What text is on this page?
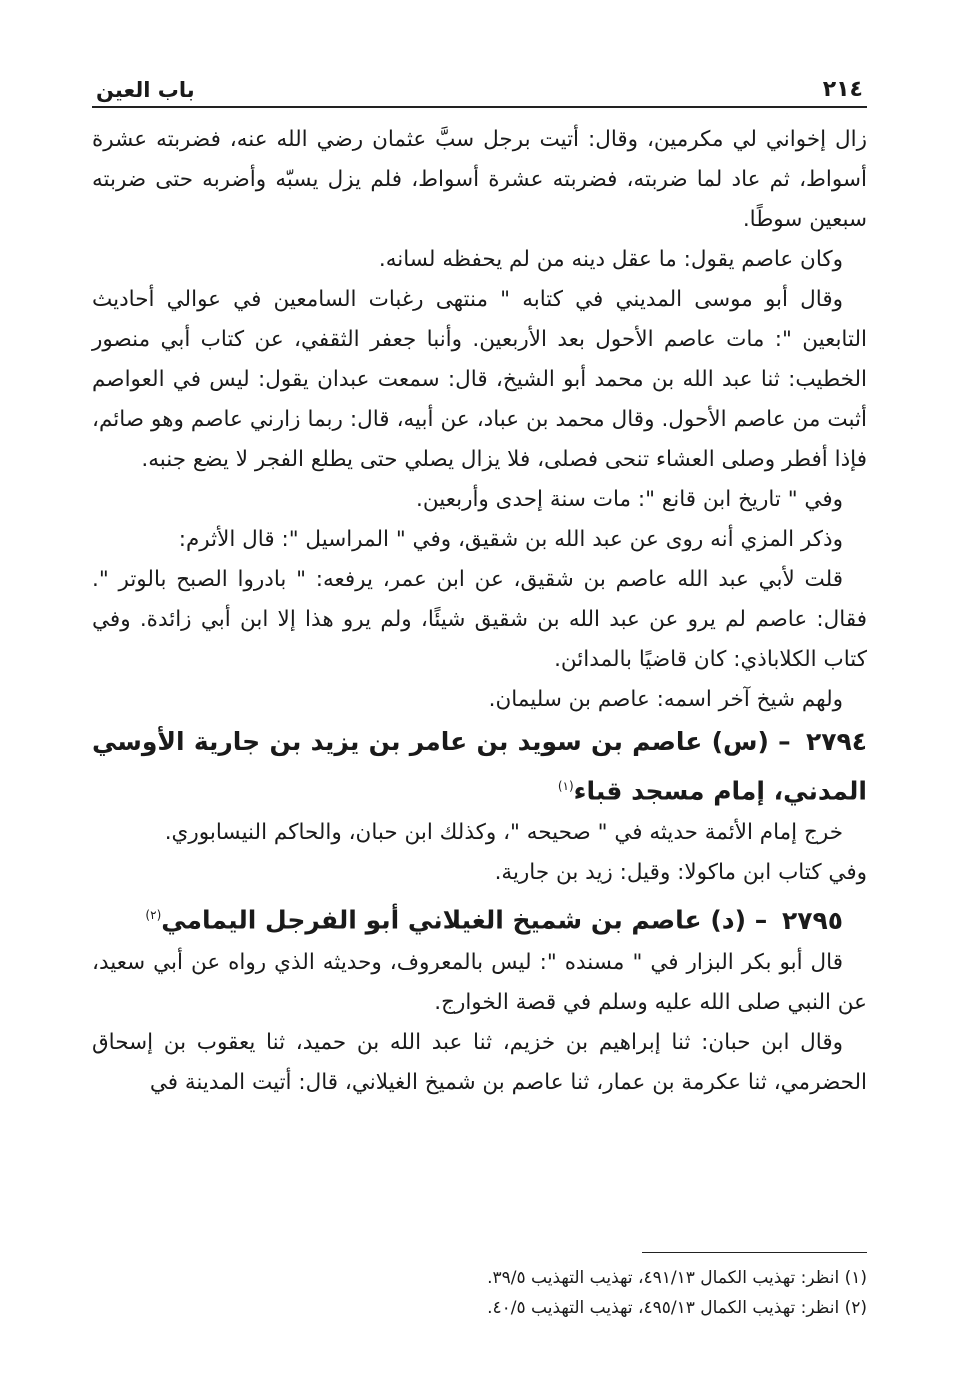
٢١٤
باب العين

زال إخواني لي مكرمين، وقال: أتيت برجل سبَّ عثمان رضي الله عنه، فضربته عشرة أسواط، ثم عاد لما ضربته، فضربته عشرة أسواط، فلم يزل يسبّه وأضربه حتى ضربته سبعين سوطًا.

وكان عاصم يقول: ما عقل دينه من لم يحفظه لسانه.

وقال أبو موسى المديني في كتابه " منتهى رغبات السامعين في عوالي أحاديث التابعين ": مات عاصم الأحول بعد الأربعين. وأنبا جعفر الثقفي، عن كتاب أبي منصور الخطيب: ثنا عبد الله بن محمد أبو الشيخ، قال: سمعت عبدان يقول: ليس في العواصم أثبت من عاصم الأحول. وقال محمد بن عباد، عن أبيه، قال: ربما زارني عاصم وهو صائم، فإذا أفطر وصلى العشاء تنحى فصلى، فلا يزال يصلي حتى يطلع الفجر لا يضع جنبه.

وفي " تاريخ ابن قانع ": مات سنة إحدى وأربعين.

وذكر المزي أنه روى عن عبد الله بن شقيق، وفي " المراسيل ": قال الأثرم:

قلت لأبي عبد الله عاصم بن شقيق، عن ابن عمر، يرفعه: " بادروا الصبح بالوتر ". فقال: عاصم لم يرو عن عبد الله بن شقيق شيئًا، ولم يرو هذا إلا ابن أبي زائدة. وفي كتاب الكلاباذي: كان قاضيًا بالمدائن.

ولهم شيخ آخر اسمه: عاصم بن سليمان.

٢٧٩٤ – (س) عاصم بن سويد بن عامر بن يزيد بن جارية الأوسي المدني، إمام مسجد قباء$^{(١)}$

خرج إمام الأئمة حديثه في " صحيحه "، وكذلك ابن حبان، والحاكم النيسابوري.

وفي كتاب ابن ماكولا: وقيل: زيد بن جارية.

٢٧٩٥ – (د) عاصم بن شميخ الغيلاني أبو الفرجل اليمامي$^{(٢)}$

قال أبو بكر البزار في " مسنده ": ليس بالمعروف، وحديثه الذي رواه عن أبي سعيد، عن النبي صلى الله عليه وسلم في قصة الخوارج.

وقال ابن حبان: ثنا إبراهيم بن خزيم، ثنا عبد الله بن حميد، ثنا يعقوب بن إسحاق الحضرمي، ثنا عكرمة بن عمار، ثنا عاصم بن شميخ الغيلاني، قال: أتيت المدينة في

(١) انظر: تهذيب الكمال ٤٩١/١٣، تهذيب التهذيب ٣٩/٥.

(٢) انظر: تهذيب الكمال ٤٩٥/١٣، تهذيب التهذيب ٤٠/٥.
